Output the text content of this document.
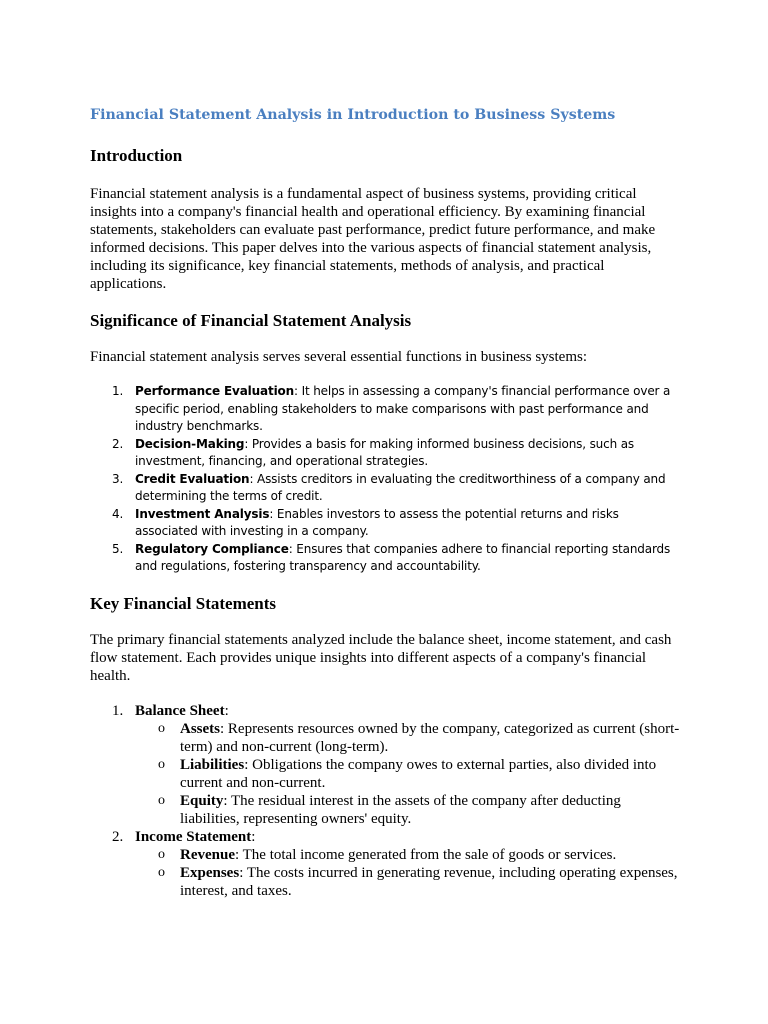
Financial Statement Analysis in Introduction to Business Systems
Introduction

Financial statement analysis is a fundamental aspect of business systems, providing critical insights into a company's financial health and operational efficiency. By examining financial statements, stakeholders can evaluate past performance, predict future performance, and make informed decisions. This paper delves into the various aspects of financial statement analysis, including its significance, key financial statements, methods of analysis, and practical applications.

Significance of Financial Statement Analysis

Financial statement analysis serves several essential functions in business systems:

1. Performance Evaluation: It helps in assessing a company's financial performance over a specific period, enabling stakeholders to make comparisons with past performance and industry benchmarks.
2. Decision-Making: Provides a basis for making informed business decisions, such as investment, financing, and operational strategies.
3. Credit Evaluation: Assists creditors in evaluating the creditworthiness of a company and determining the terms of credit.
4. Investment Analysis: Enables investors to assess the potential returns and risks associated with investing in a company.
5. Regulatory Compliance: Ensures that companies adhere to financial reporting standards and regulations, fostering transparency and accountability.
Key Financial Statements

The primary financial statements analyzed include the balance sheet, income statement, and cash flow statement. Each provides unique insights into different aspects of a company's financial health.

1. Balance Sheet:
o Assets: Represents resources owned by the company, categorized as current (short-term) and non-current (long-term).
o Liabilities: Obligations the company owes to external parties, also divided into current and non-current.
o Equity: The residual interest in the assets of the company after deducting liabilities, representing owners' equity.
2. Income Statement:
o Revenue: The total income generated from the sale of goods or services.
o Expenses: The costs incurred in generating revenue, including operating expenses, interest, and taxes.
